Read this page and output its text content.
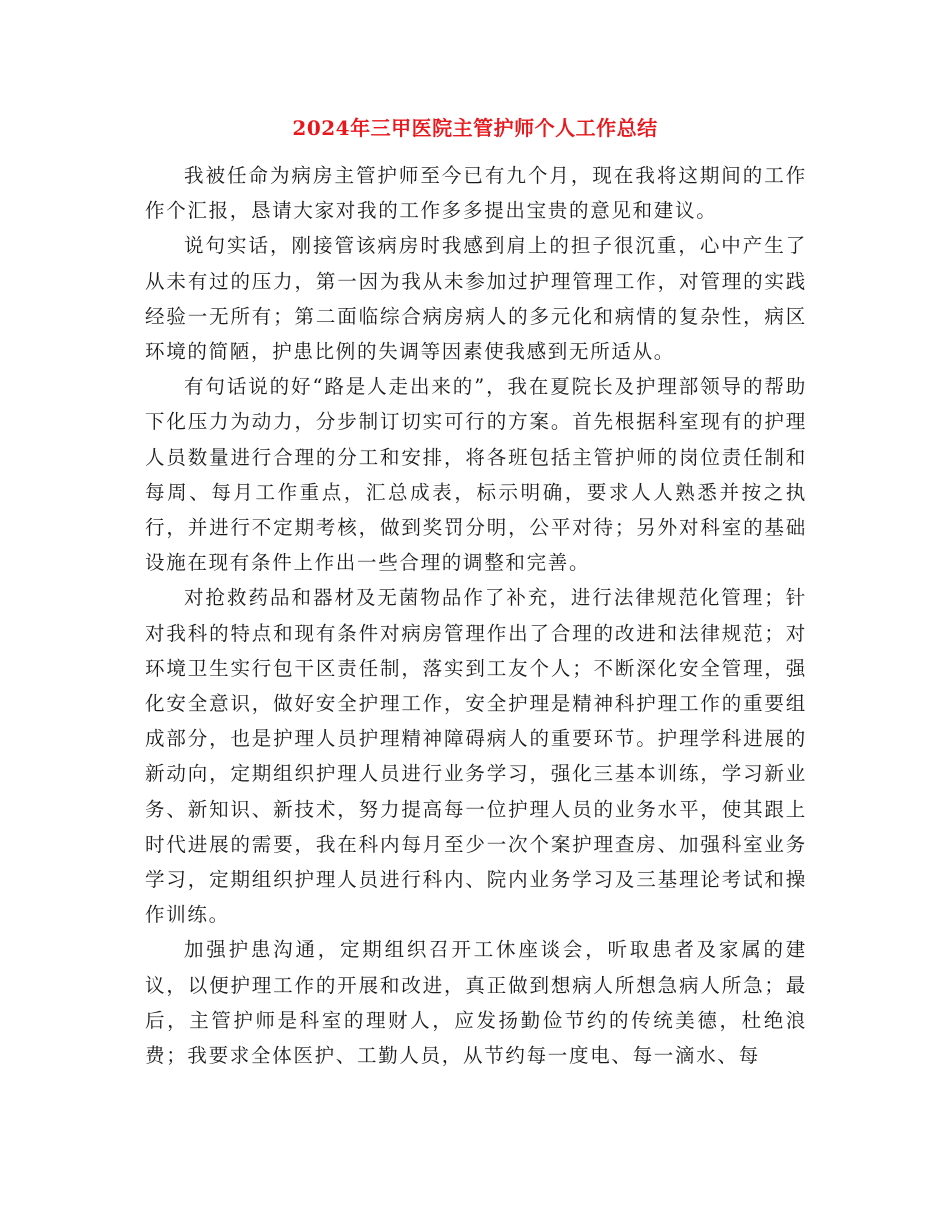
2024年三甲医院主管护师个人工作总结

我被任命为病房主管护师至今已有九个月，现在我将这期间的工作作个汇报，恳请大家对我的工作多多提出宝贵的意见和建议。

说句实话，刚接管该病房时我感到肩上的担子很沉重，心中产生了从未有过的压力，第一因为我从未参加过护理管理工作，对管理的实践经验一无所有；第二面临综合病房病人的多元化和病情的复杂性，病区环境的简陋，护患比例的失调等因素使我感到无所适从。

有句话说的好“路是人走出来的”，我在夏院长及护理部领导的帮助下化压力为动力，分步制订切实可行的方案。首先根据科室现有的护理人员数量进行合理的分工和安排，将各班包括主管护师的岗位责任制和每周、每月工作重点，汇总成表，标示明确，要求人人熟悉并按之执行，并进行不定期考核，做到奖罚分明，公平对待；另外对科室的基础设施在现有条件上作出一些合理的调整和完善。

对抢救药品和器材及无菌物品作了补充，进行法律规范化管理；针对我科的特点和现有条件对病房管理作出了合理的改进和法律规范；对环境卫生实行包干区责任制，落实到工友个人；不断深化安全管理，强化安全意识，做好安全护理工作，安全护理是精神科护理工作的重要组成部分，也是护理人员护理精神障碍病人的重要环节。护理学科进展的新动向，定期组织护理人员进行业务学习，强化三基本训练，学习新业务、新知识、新技术，努力提高每一位护理人员的业务水平，使其跟上时代进展的需要，我在科内每月至少一次个案护理查房、加强科室业务学习，定期组织护理人员进行科内、院内业务学习及三基理论考试和操作训练。

加强护患沟通，定期组织召开工休座谈会，听取患者及家属的建议，以便护理工作的开展和改进，真正做到想病人所想急病人所急；最后，主管护师是科室的理财人，应发扬勤俭节约的传统美德，杜绝浪费；我要求全体医护、工勤人员，从节约每一度电、每一滴水、每
